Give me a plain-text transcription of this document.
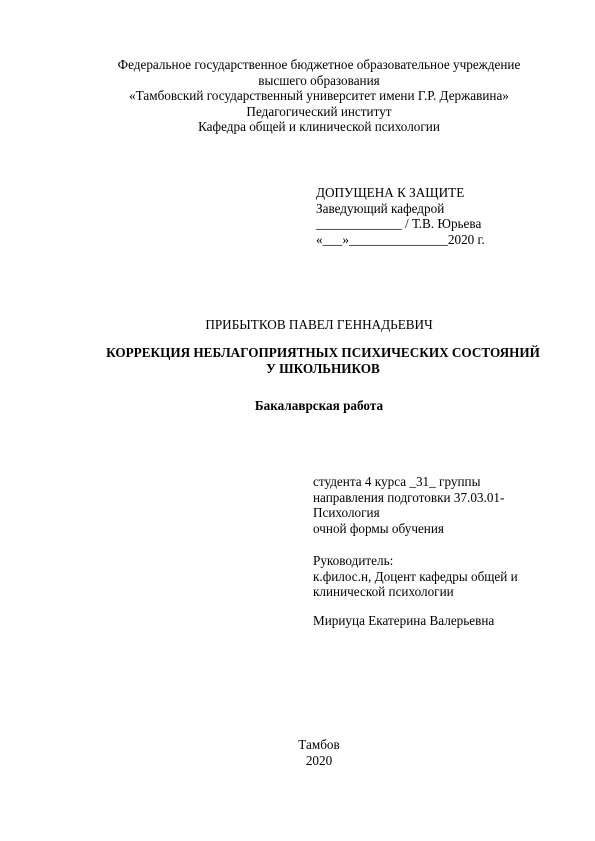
Федеральное государственное бюджетное образовательное учреждение
высшего образования
«Тамбовский государственный университет имени Г.Р. Державина»
Педагогический институт
Кафедра общей и клинической психологии
ДОПУЩЕНА К ЗАЩИТЕ
Заведующий кафедрой
_____________ / Т.В. Юрьева
«___»_______________2020 г.
ПРИБЫТКОВ ПАВЕЛ ГЕННАДЬЕВИЧ
КОРРЕКЦИЯ НЕБЛАГОПРИЯТНЫХ ПСИХИЧЕСКИХ СОСТОЯНИЙ
У ШКОЛЬНИКОВ
Бакалаврская работа
студента 4 курса _31_ группы
направления подготовки 37.03.01-
Психология
очной формы обучения
Руководитель:
к.филос.н, Доцент кафедры общей и
клинической психологии
Мириуца Екатерина Валерьевна
Тамбов
2020
